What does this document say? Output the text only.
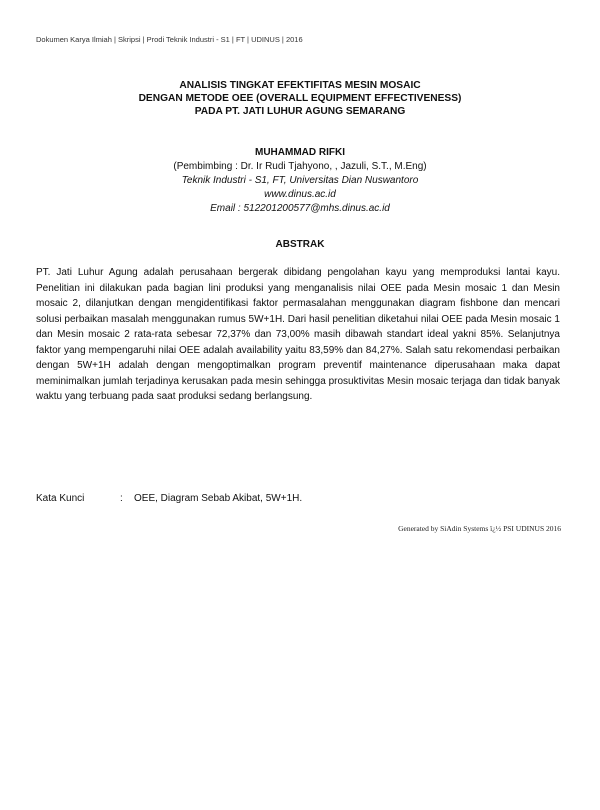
Dokumen Karya Ilmiah | Skripsi | Prodi Teknik Industri - S1 | FT | UDINUS | 2016
ANALISIS TINGKAT EFEKTIFITAS MESIN MOSAIC
DENGAN METODE OEE (OVERALL EQUIPMENT EFFECTIVENESS)
PADA PT. JATI LUHUR AGUNG SEMARANG
MUHAMMAD RIFKI
(Pembimbing : Dr. Ir Rudi Tjahyono, , Jazuli, S.T., M.Eng)
Teknik Industri - S1, FT, Universitas Dian Nuswantoro
www.dinus.ac.id
Email : 512201200577@mhs.dinus.ac.id
ABSTRAK

PT. Jati Luhur Agung adalah perusahaan bergerak dibidang pengolahan kayu yang memproduksi lantai kayu. Penelitian ini dilakukan pada bagian lini produksi yang menganalisis nilai OEE pada Mesin mosaic 1 dan Mesin mosaic 2, dilanjutkan dengan mengidentifikasi faktor permasalahan menggunakan diagram fishbone dan mencari solusi perbaikan masalah menggunakan rumus 5W+1H. Dari hasil penelitian diketahui nilai OEE pada Mesin mosaic 1 dan Mesin mosaic 2 rata-rata sebesar 72,37% dan 73,00% masih dibawah standart ideal yakni 85%. Selanjutnya faktor yang mempengaruhi nilai OEE adalah availability yaitu 83,59% dan 84,27%. Salah satu rekomendasi perbaikan dengan 5W+1H adalah dengan mengoptimalkan program preventif maintenance diperusahaan maka dapat meminimalkan jumlah terjadinya kerusakan pada mesin sehingga prosuktivitas Mesin mosaic terjaga dan tidak banyak waktu yang terbuang pada saat produksi sedang berlangsung.

Kata Kunci	: OEE, Diagram Sebab Akibat, 5W+1H.
Generated by SiAdin Systems ï¿½ PSI UDINUS 2016
